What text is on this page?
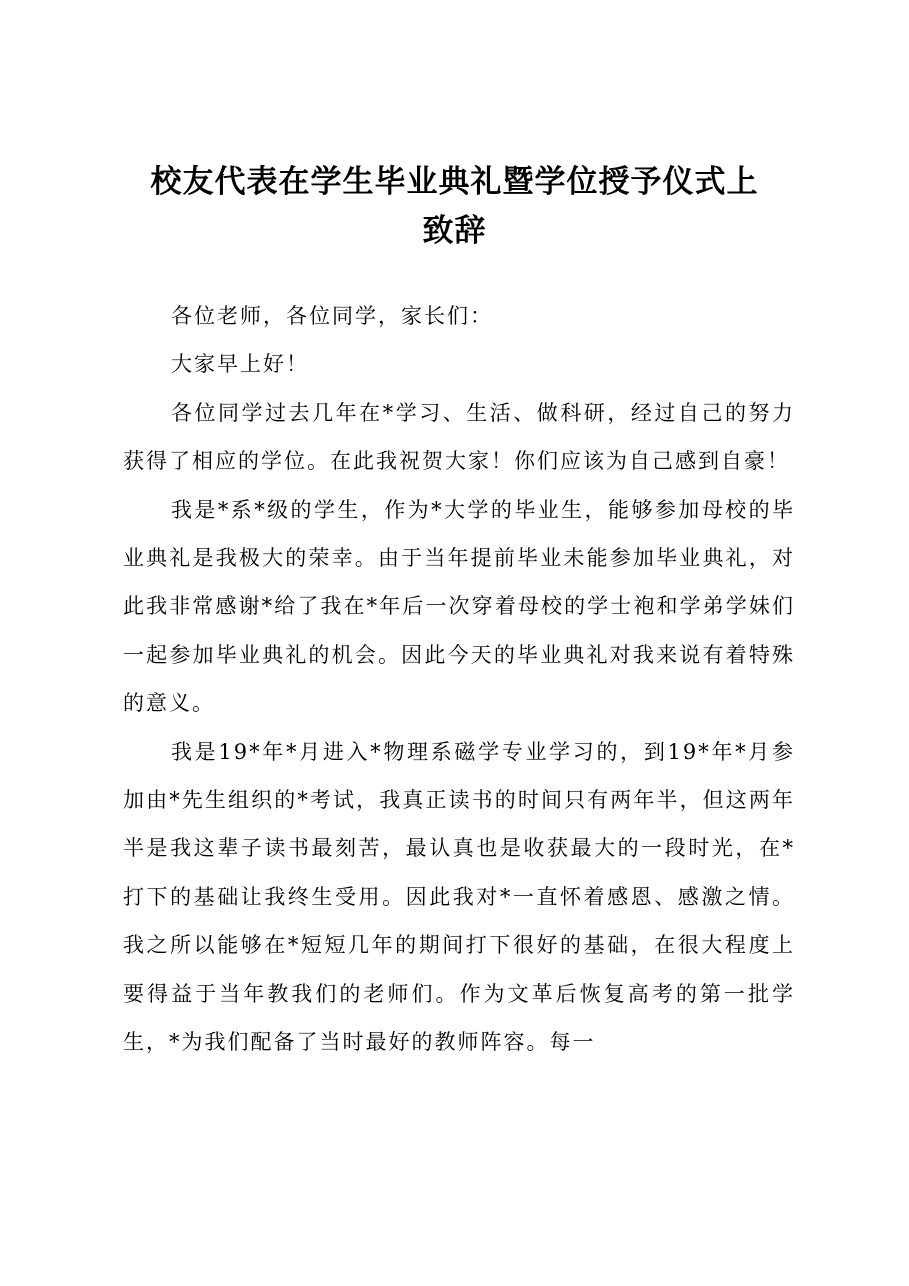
校友代表在学生毕业典礼暨学位授予仪式上
致辞

各位老师，各位同学，家长们：

大家早上好！

各位同学过去几年在*学习、生活、做科研，经过自己的努力获得了相应的学位。在此我祝贺大家！你们应该为自己感到自豪！

我是*系*级的学生，作为*大学的毕业生，能够参加母校的毕业典礼是我极大的荣幸。由于当年提前毕业未能参加毕业典礼，对此我非常感谢*给了我在*年后一次穿着母校的学士袍和学弟学妹们一起参加毕业典礼的机会。因此今天的毕业典礼对我来说有着特殊的意义。

我是19*年*月进入*物理系磁学专业学习的，到19*年*月参加由*先生组织的*考试，我真正读书的时间只有两年半，但这两年半是我这辈子读书最刻苦，最认真也是收获最大的一段时光，在*打下的基础让我终生受用。因此我对*一直怀着感恩、感激之情。我之所以能够在*短短几年的期间打下很好的基础，在很大程度上要得益于当年教我们的老师们。作为文革后恢复高考的第一批学生，*为我们配备了当时最好的教师阵容。每一
